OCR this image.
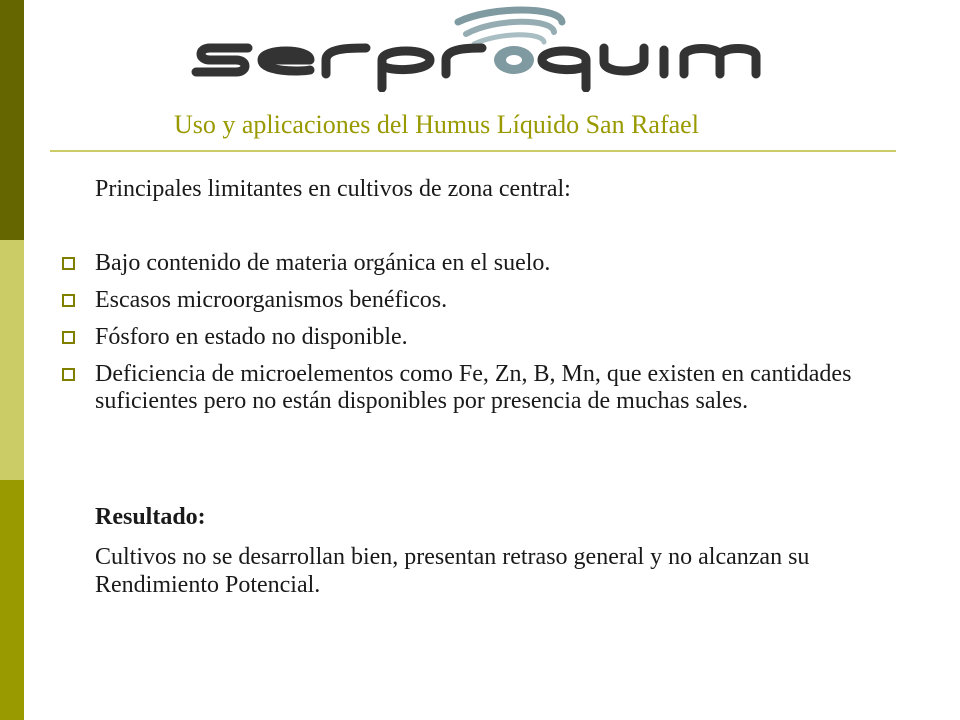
Uso y aplicaciones del Humus Líquido San Rafael
Principales limitantes en cultivos de zona central:
Bajo contenido de materia orgánica en el suelo.
Escasos microorganismos benéficos.
Fósforo en estado no disponible.
Deficiencia de microelementos como Fe, Zn, B, Mn, que existen en cantidades suficientes pero no están disponibles por presencia de muchas sales.
Resultado:
Cultivos no se desarrollan bien, presentan retraso general y no alcanzan su Rendimiento Potencial.
